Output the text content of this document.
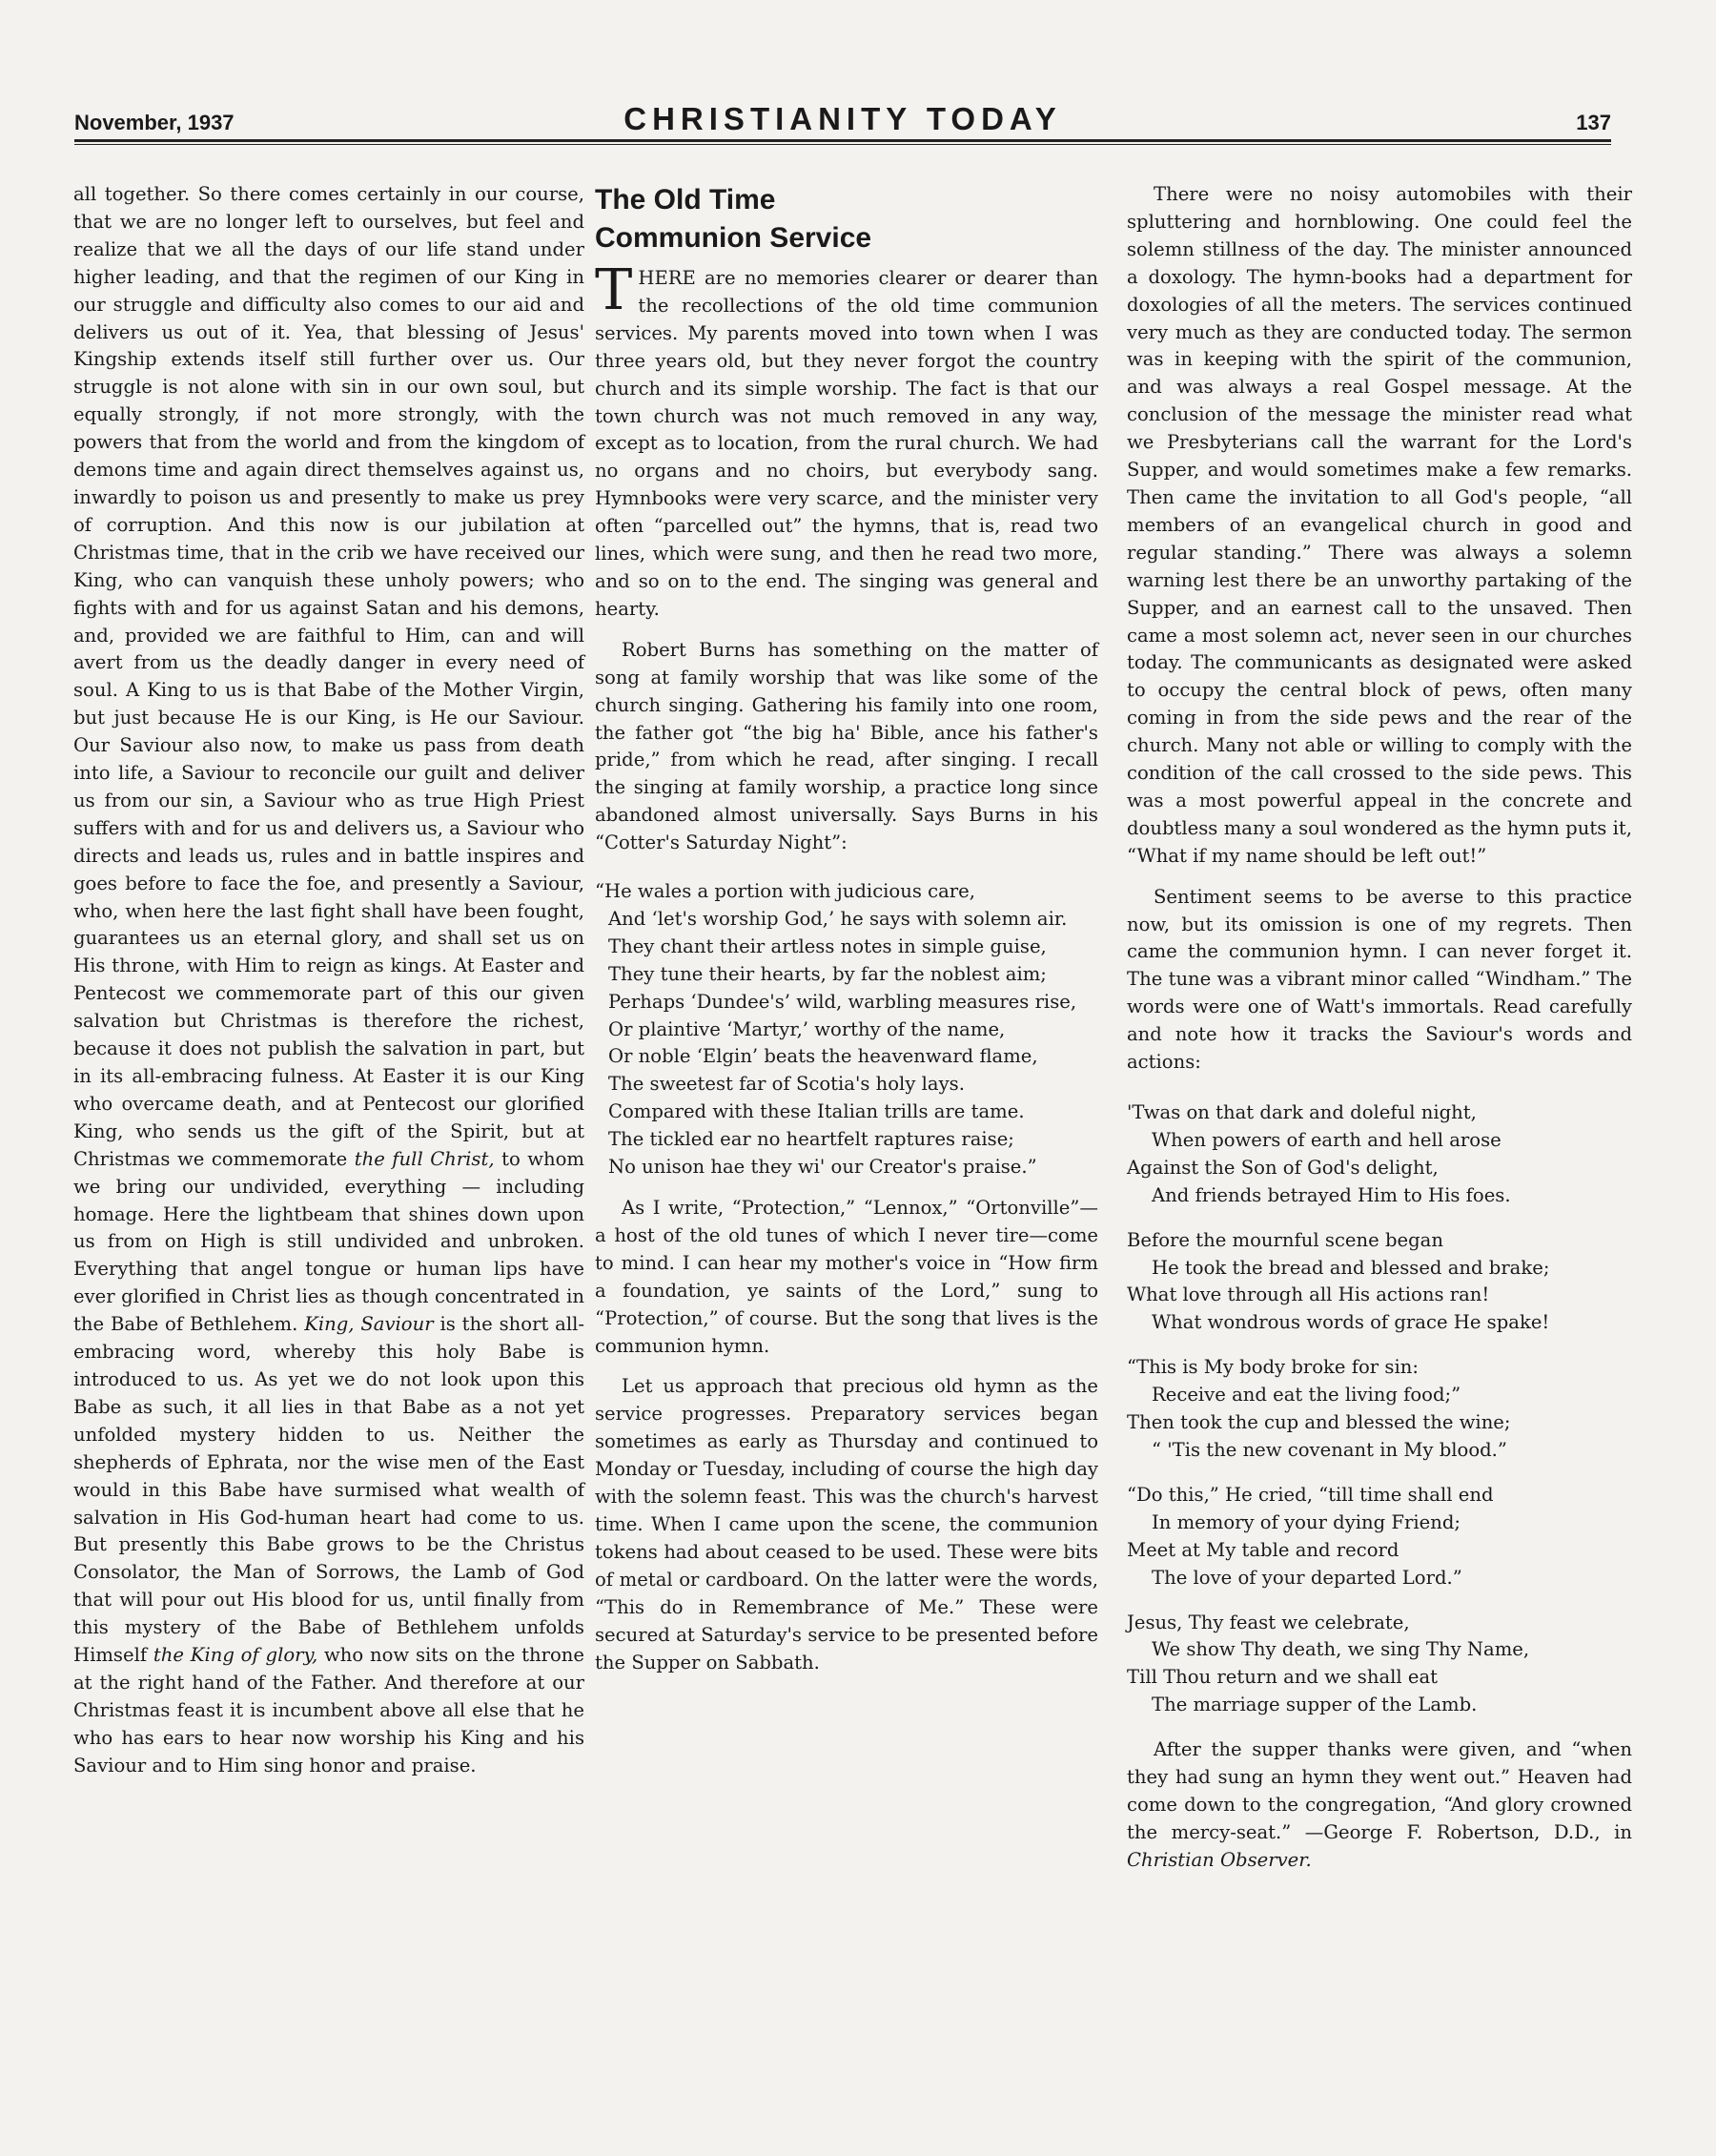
November, 1937	CHRISTIANITY TODAY	137

all together. So there comes certainly in our course, that we are no longer left to ourselves, but feel and realize that we all the days of our life stand under higher leading, and that the regimen of our King in our struggle and difficulty also comes to our aid and delivers us out of it. Yea, that blessing of Jesus' Kingship extends itself still further over us. Our struggle is not alone with sin in our own soul, but equally strongly, if not more strongly, with the powers that from the world and from the kingdom of demons time and again direct themselves against us, inwardly to poison us and presently to make us prey of corruption. And this now is our jubilation at Christmas time, that in the crib we have received our King, who can vanquish these unholy powers; who fights with and for us against Satan and his demons, and, provided we are faithful to Him, can and will avert from us the deadly danger in every need of soul. A King to us is that Babe of the Mother Virgin, but just because He is our King, is He our Saviour. Our Saviour also now, to make us pass from death into life, a Saviour to reconcile our guilt and deliver us from our sin, a Saviour who as true High Priest suffers with and for us and delivers us, a Saviour who directs and leads us, rules and in battle inspires and goes before to face the foe, and presently a Saviour, who, when here the last fight shall have been fought, guarantees us an eternal glory, and shall set us on His throne, with Him to reign as kings. At Easter and Pentecost we commemorate part of this our given salvation but Christmas is therefore the richest, because it does not publish the salvation in part, but in its all-embracing fulness. At Easter it is our King who overcame death, and at Pentecost our glorified King, who sends us the gift of the Spirit, but at Christmas we commemorate the full Christ, to whom we bring our undivided, everything — including homage. Here the lightbeam that shines down upon us from on High is still undivided and unbroken. Everything that angel tongue or human lips have ever glorified in Christ lies as though concentrated in the Babe of Bethlehem. King, Saviour is the short all-embracing word, whereby this holy Babe is introduced to us. As yet we do not look upon this Babe as such, it all lies in that Babe as a not yet unfolded mystery hidden to us. Neither the shepherds of Ephrata, nor the wise men of the East would in this Babe have surmised what wealth of salvation in His God-human heart had come to us. But presently this Babe grows to be the Christus Consolator, the Man of Sorrows, the Lamb of God that will pour out His blood for us, until finally from this mystery of the Babe of Bethlehem unfolds Himself the King of glory, who now sits on the throne at the right hand of the Father. And therefore at our Christmas feast it is incumbent above all else that he who has ears to hear now worship his King and his Saviour and to Him sing honor and praise.

The Old Time
Communion Service

THERE are no memories clearer or dearer than the recollections of the old time communion services. My parents moved into town when I was three years old, but they never forgot the country church and its simple worship. The fact is that our town church was not much removed in any way, except as to location, from the rural church. We had no organs and no choirs, but everybody sang. Hymnbooks were very scarce, and the minister very often “parcelled out” the hymns, that is, read two lines, which were sung, and then he read two more, and so on to the end. The singing was general and hearty.

Robert Burns has something on the matter of song at family worship that was like some of the church singing. Gathering his family into one room, the father got “the big ha' Bible, ance his father's pride,” from which he read, after singing. I recall the singing at family worship, a practice long since abandoned almost universally. Says Burns in his “Cotter's Saturday Night”:

“He wales a portion with judicious care,
And ‘let's worship God,’ he says with solemn air.
They chant their artless notes in simple guise,
They tune their hearts, by far the noblest aim;
Perhaps ‘Dundee's’ wild, warbling measures rise,
Or plaintive ‘Martyr,’ worthy of the name,
Or noble ‘Elgin’ beats the heavenward flame,
The sweetest far of Scotia's holy lays.
Compared with these Italian trills are tame.
The tickled ear no heartfelt raptures raise;
No unison hae they wi' our Creator's praise.”

As I write, “Protection,” “Lennox,” “Ortonville”—a host of the old tunes of which I never tire—come to mind. I can hear my mother's voice in “How firm a foundation, ye saints of the Lord,” sung to “Protection,” of course. But the song that lives is the communion hymn.

Let us approach that precious old hymn as the service progresses. Preparatory services began sometimes as early as Thursday and continued to Monday or Tuesday, including of course the high day with the solemn feast. This was the church's harvest time. When I came upon the scene, the communion tokens had about ceased to be used. These were bits of metal or cardboard. On the latter were the words, “This do in Remembrance of Me.” These were secured at Saturday's service to be presented before the Supper on Sabbath.

There were no noisy automobiles with their spluttering and hornblowing. One could feel the solemn stillness of the day. The minister announced a doxology. The hymn-books had a department for doxologies of all the meters. The services continued very much as they are conducted today. The sermon was in keeping with the spirit of the communion, and was always a real Gospel message. At the conclusion of the message the minister read what we Presbyterians call the warrant for the Lord's Supper, and would sometimes make a few remarks. Then came the invitation to all God's people, “all members of an evangelical church in good and regular standing.” There was always a solemn warning lest there be an unworthy partaking of the Supper, and an earnest call to the unsaved. Then came a most solemn act, never seen in our churches today. The communicants as designated were asked to occupy the central block of pews, often many coming in from the side pews and the rear of the church. Many not able or willing to comply with the condition of the call crossed to the side pews. This was a most powerful appeal in the concrete and doubtless many a soul wondered as the hymn puts it, “What if my name should be left out!”

Sentiment seems to be averse to this practice now, but its omission is one of my regrets. Then came the communion hymn. I can never forget it. The tune was a vibrant minor called “Windham.” The words were one of Watt's immortals. Read carefully and note how it tracks the Saviour's words and actions:

'Twas on that dark and doleful night,
When powers of earth and hell arose
Against the Son of God's delight,
And friends betrayed Him to His foes.
Before the mournful scene began
He took the bread and blessed and brake;
What love through all His actions ran!
What wondrous words of grace He spake!
“This is My body broke for sin:
Receive and eat the living food;”
Then took the cup and blessed the wine;
“ 'Tis the new covenant in My blood.”
“Do this,” He cried, “till time shall end
In memory of your dying Friend;
Meet at My table and record
The love of your departed Lord.”
Jesus, Thy feast we celebrate,
We show Thy death, we sing Thy Name,
Till Thou return and we shall eat
The marriage supper of the Lamb.

After the supper thanks were given, and “when they had sung an hymn they went out.” Heaven had come down to the congregation, “And glory crowned the mercy-seat.” —George F. Robertson, D.D., in Christian Observer.
